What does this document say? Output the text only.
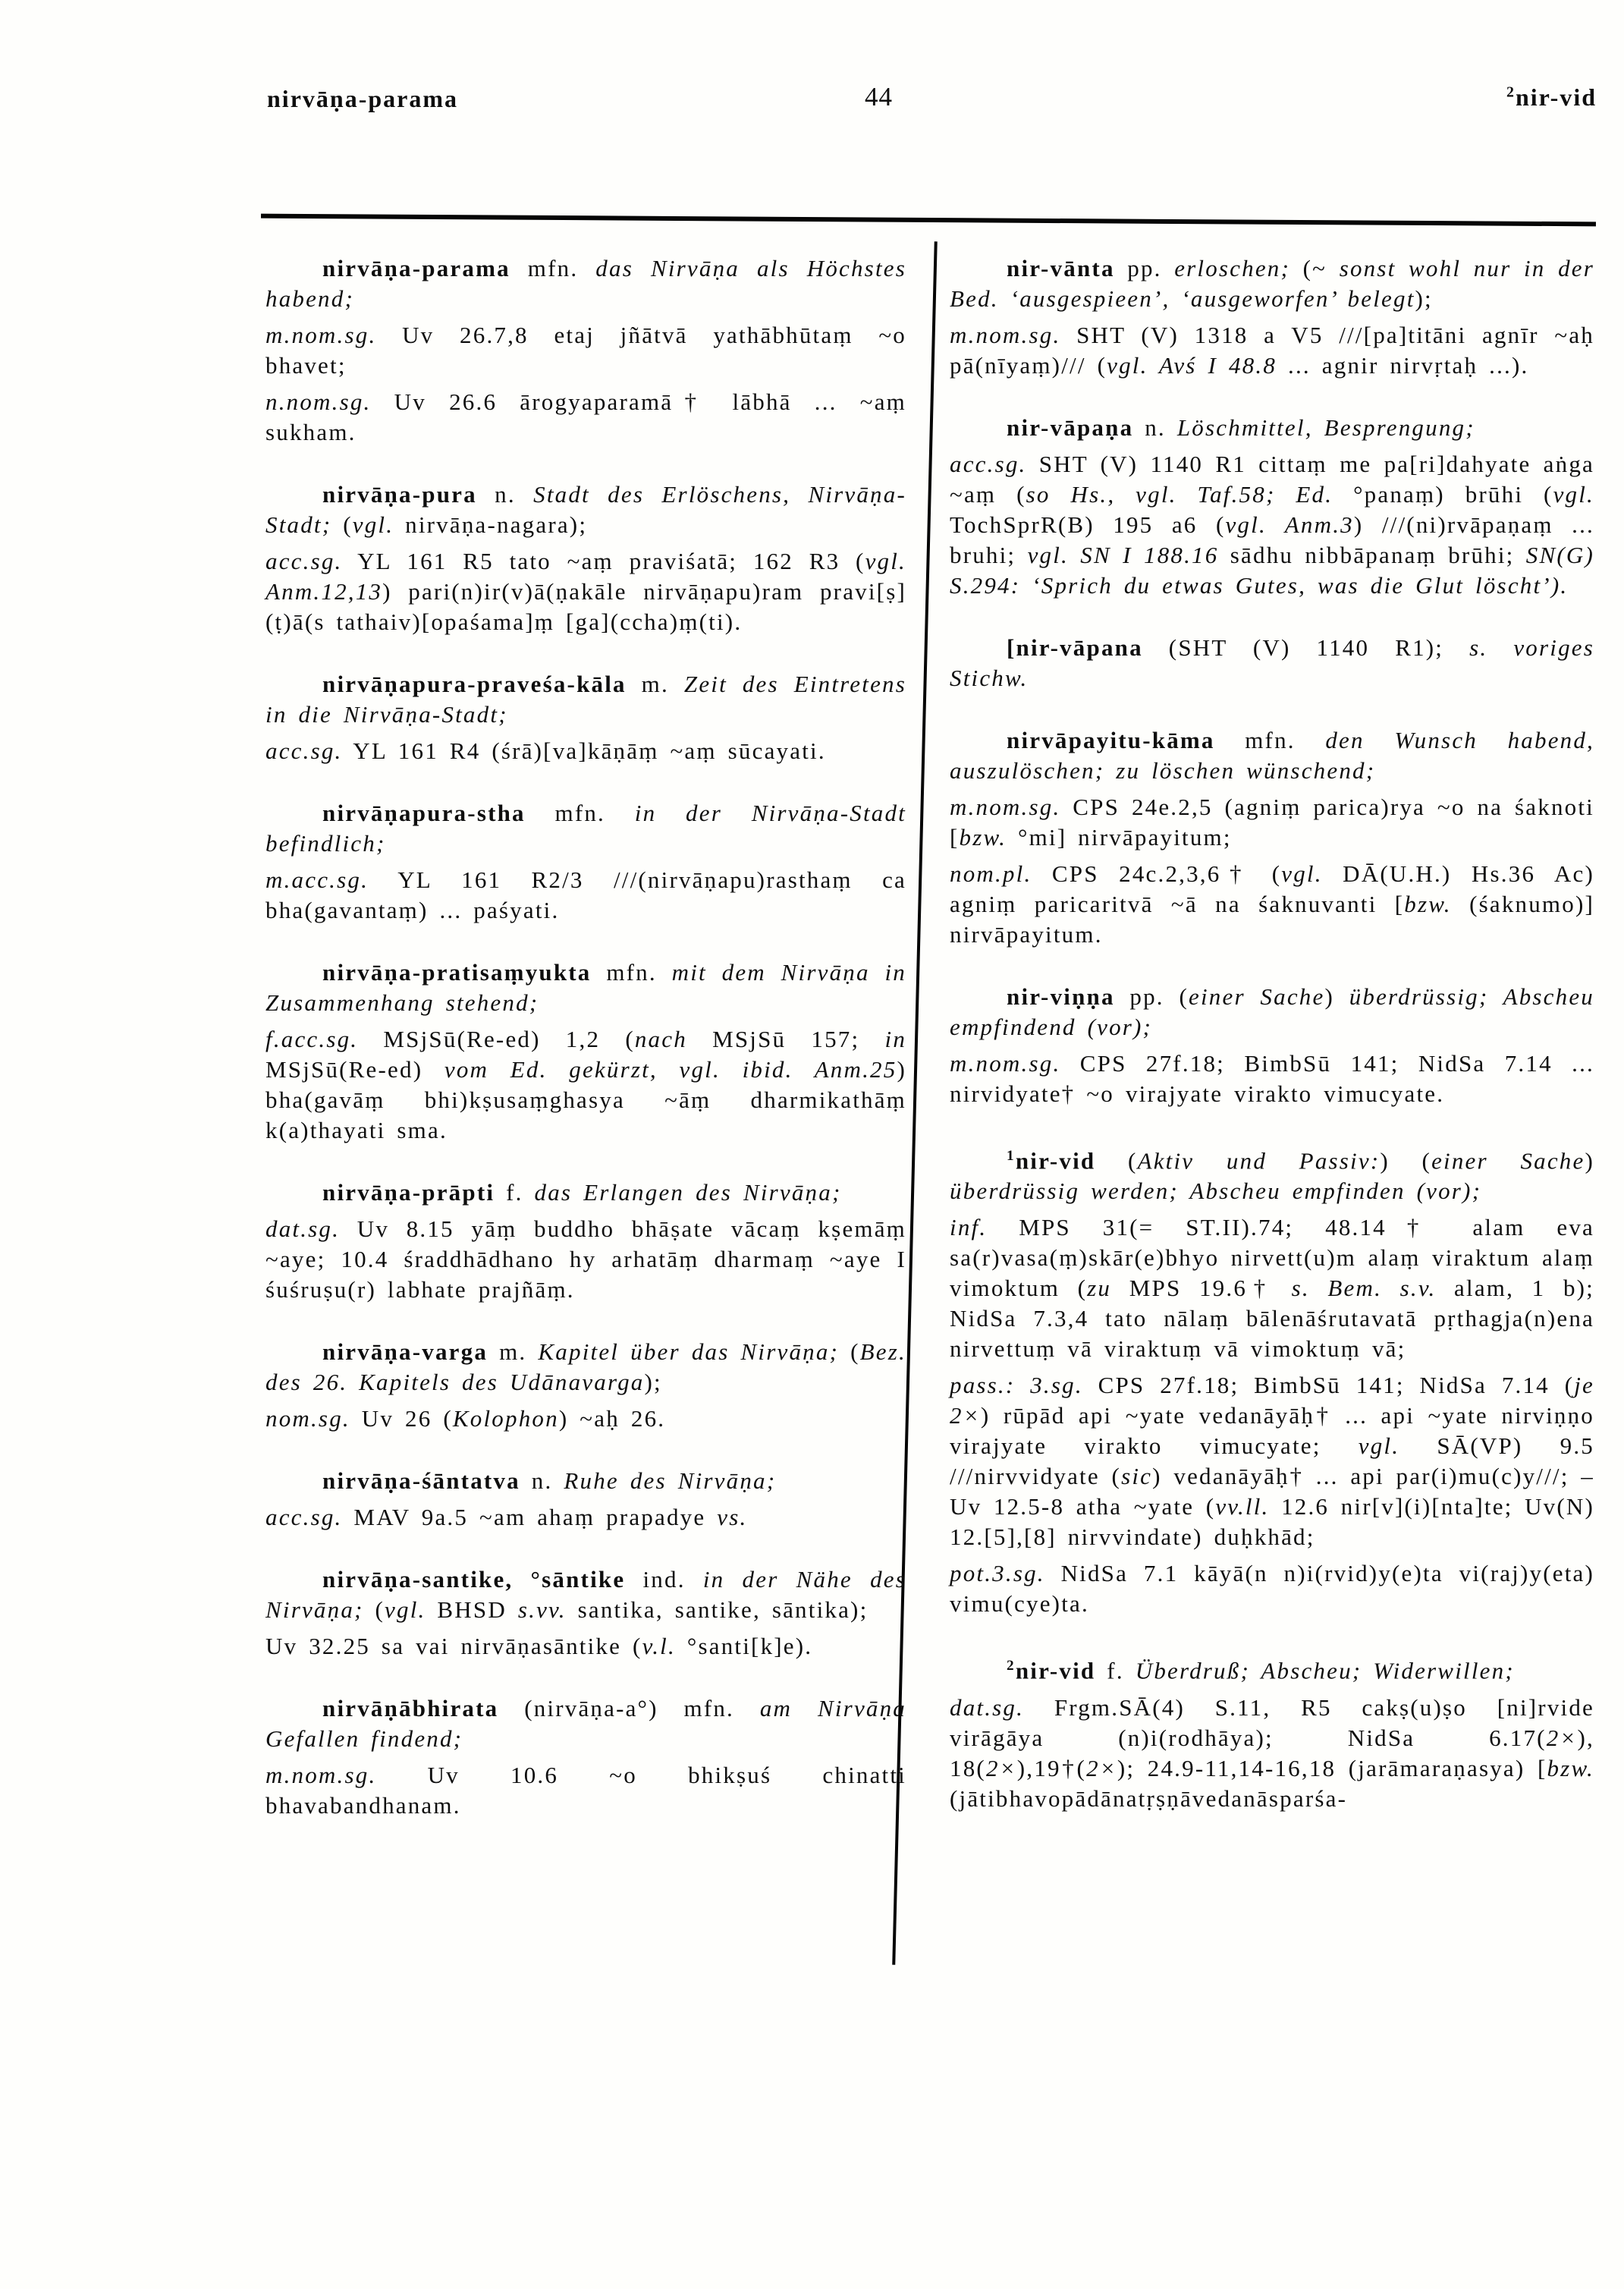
nirvāṇa-parama	44	$^2$nir-vid

nirvāṇa-parama mfn. das Nirvāṇa als Höchstes habend;

m.nom.sg. Uv 26.7,8 etaj jñātvā yathābhūtaṃ ~o bhavet;

n.nom.sg. Uv 26.6 ārogyaparamā† lābhā ... ~aṃ sukham.

nirvāṇa-pura n. Stadt des Erlöschens, Nirvāṇa-Stadt; (vgl. nirvāṇa-nagara);

acc.sg. YL 161 R5 tato ~aṃ praviśatā; 162 R3 (vgl. Anm.12,13) pari(n)ir(v)ā(ṇakāle nirvāṇapu)ram pravi[ṣ](ṭ)ā(s tathaiv)[opaśama]ṃ [ga](ccha)ṃ(ti).

nirvāṇapura-praveśa-kāla m. Zeit des Eintretens in die Nirvāṇa-Stadt;

acc.sg. YL 161 R4 (śrā)[va]kāṇāṃ ~aṃ sūcayati.

nirvāṇapura-stha mfn. in der Nirvāṇa-Stadt befindlich;

m.acc.sg. YL 161 R2/3 ///(nirvāṇapu)rasthaṃ ca bha(gavantaṃ) ... paśyati.

nirvāṇa-pratisaṃyukta mfn. mit dem Nirvāṇa in Zusammenhang stehend;

f.acc.sg. MSjSū(Re-ed) 1,2 (nach MSjSū 157; in MSjSū(Re-ed) vom Ed. gekürzt, vgl. ibid. Anm.25) bha(gavāṃ bhi)kṣusaṃghasya ~āṃ dharmikathāṃ k(a)thayati sma.

nirvāṇa-prāpti f. das Erlangen des Nirvāṇa;

dat.sg. Uv 8.15 yāṃ buddho bhāṣate vācaṃ kṣemāṃ ~aye; 10.4 śraddhādhano hy arhatāṃ dharmaṃ ~aye I śuśruṣu(r) labhate prajñāṃ.

nirvāṇa-varga m. Kapitel über das Nirvāṇa; (Bez. des 26. Kapitels des Udānavarga);

nom.sg. Uv 26 (Kolophon) ~aḥ 26.

nirvāṇa-śāntatva n. Ruhe des Nirvāṇa;

acc.sg. MAV 9a.5 ~am ahaṃ prapadye vs.

nirvāṇa-santike, °sāntike ind. in der Nähe des Nirvāṇa; (vgl. BHSD s.vv. santika, santike, sāntika);

Uv 32.25 sa vai nirvāṇasāntike (v.l. °santi[k]e).

nirvāṇābhirata (nirvāṇa-a°) mfn. am Nirvāṇa Gefallen findend;

m.nom.sg. Uv 10.6 ~o bhikṣuś chinatti bhavabandhanam.

nir-vānta pp. erloschen; (~ sonst wohl nur in der Bed. ‘ausgespieen’, ‘ausgeworfen’ belegt);

m.nom.sg. SHT (V) 1318 a V5 ///[pa]titāni agnīr ~aḥ pā(nīyaṃ)/// (vgl. Avś I 48.8 ... agnir nirvṛtaḥ ...).

nir-vāpaṇa n. Löschmittel, Besprengung;

acc.sg. SHT (V) 1140 R1 cittaṃ me pa[ri]dahyate aṅga ~aṃ (so Hs., vgl. Taf.58; Ed. °panaṃ) brūhi (vgl. TochSprR(B) 195 a6 (vgl. Anm.3) ///(ni)rvāpaṇaṃ ... bruhi; vgl. SN I 188.16 sādhu nibbāpanaṃ brūhi; SN(G) S.294: ‘Sprich du etwas Gutes, was die Glut löscht’).

[nir-vāpana (SHT (V) 1140 R1); s. voriges Stichw.

nirvāpayitu-kāma mfn. den Wunsch habend, auszulöschen; zu löschen wünschend;

m.nom.sg. CPS 24e.2,5 (agniṃ parica)rya ~o na śaknoti [bzw. °mi] nirvāpayitum;

nom.pl. CPS 24c.2,3,6† (vgl. DĀ(U.H.) Hs.36 Ac) agniṃ paricaritvā ~ā na śaknuvanti [bzw. (śaknumo)] nirvāpayitum.

nir-viṇṇa pp. (einer Sache) überdrüssig; Abscheu empfindend (vor);

m.nom.sg. CPS 27f.18; BimbSū 141; NidSa 7.14 ... nirvidyate† ~o virajyate virakto vimucyate.

$^1$nir-vid (Aktiv und Passiv:) (einer Sache) überdrüssig werden; Abscheu empfinden (vor);

inf. MPS 31(= ST.II).74; 48.14† alam eva sa(r)vasa(ṃ)skār(e)bhyo nirvett(u)m alaṃ viraktum alaṃ vimoktum (zu MPS 19.6† s. Bem. s.v. alam, 1 b); NidSa 7.3,4 tato nālaṃ bālenāśrutavatā pṛthagja(n)ena nirvettuṃ vā viraktuṃ vā vimoktuṃ vā;

pass.: 3.sg. CPS 27f.18; BimbSū 141; NidSa 7.14 (je 2×) rūpād api ~yate vedanāyāḥ† ... api ~yate nirviṇṇo virajyate virakto vimucyate; vgl. SĀ(VP) 9.5 ///nirvvidyate (sic) vedanāyāḥ† ... api par(i)mu(c)y///; – Uv 12.5-8 atha ~yate (vv.ll. 12.6 nir[v](i)[nta]te; Uv(N) 12.[5],[8] nirvvindate) duḥkhād;

pot.3.sg. NidSa 7.1 kāyā(n n)i(rvid)y(e)ta vi(raj)y(eta) vimu(cye)ta.

$^2$nir-vid f. Überdruß; Abscheu; Widerwillen;

dat.sg. Frgm.SĀ(4) S.11, R5 cakṣ(u)ṣo [ni]rvide virāgāya (n)i(rodhāya); NidSa 6.17(2×), 18(2×),19†(2×); 24.9-11,14-16,18 (jarāmaraṇasya) [bzw. (jātibhavopādānatṛṣṇāvedanāsparśa-
